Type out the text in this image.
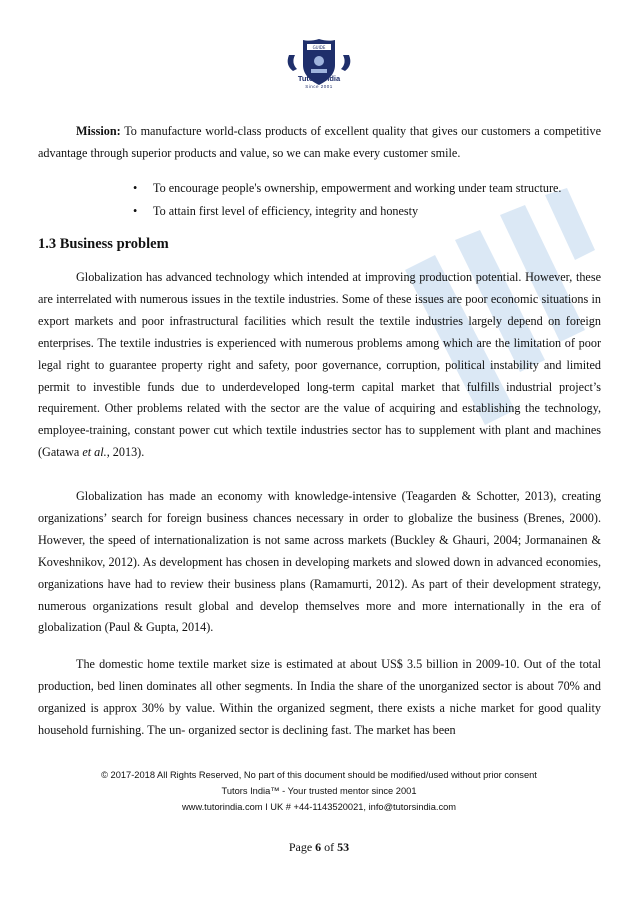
GUIDE
Tutors India
Since 2001

Mission: To manufacture world-class products of excellent quality that gives our customers a competitive advantage through superior products and value, so we can make every customer smile.

• To encourage people's ownership, empowerment and working under team structure.
• To attain first level of efficiency, integrity and honesty
1.3 Business problem

Globalization has advanced technology which intended at improving production potential. However, these are interrelated with numerous issues in the textile industries. Some of these issues are poor economic situations in export markets and poor infrastructural facilities which result the textile industries largely depend on foreign enterprises. The textile industries is experienced with numerous problems among which are the limitation of poor legal right to guarantee property right and safety, poor governance, corruption, political instability and limited permit to investible funds due to underdeveloped long-term capital market that fulfills industrial project’s requirement. Other problems related with the sector are the value of acquiring and establishing the technology, employee-training, constant power cut which textile industries sector has to supplement with plant and machines (Gatawa et al., 2013).

Globalization has made an economy with knowledge-intensive (Teagarden & Schotter, 2013), creating organizations’ search for foreign business chances necessary in order to globalize the business (Brenes, 2000). However, the speed of internationalization is not same across markets (Buckley & Ghauri, 2004; Jormanainen & Koveshnikov, 2012). As development has chosen in developing markets and slowed down in advanced economies, organizations have had to review their business plans (Ramamurti, 2012). As part of their development strategy, numerous organizations result global and develop themselves more and more internationally in the era of globalization (Paul & Gupta, 2014).

The domestic home textile market size is estimated at about US$ 3.5 billion in 2009-10. Out of the total production, bed linen dominates all other segments. In India the share of the unorganized sector is about 70% and organized is approx 30% by value. Within the organized segment, there exists a niche market for good quality household furnishing. The un- organized sector is declining fast. The market has been

© 2017-2018 All Rights Reserved, No part of this document should be modified/used without prior consent
Tutors India™ - Your trusted mentor since 2001
www.tutorindia.com I UK # +44-1143520021, info@tutorsindia.com
Page 6 of 53
